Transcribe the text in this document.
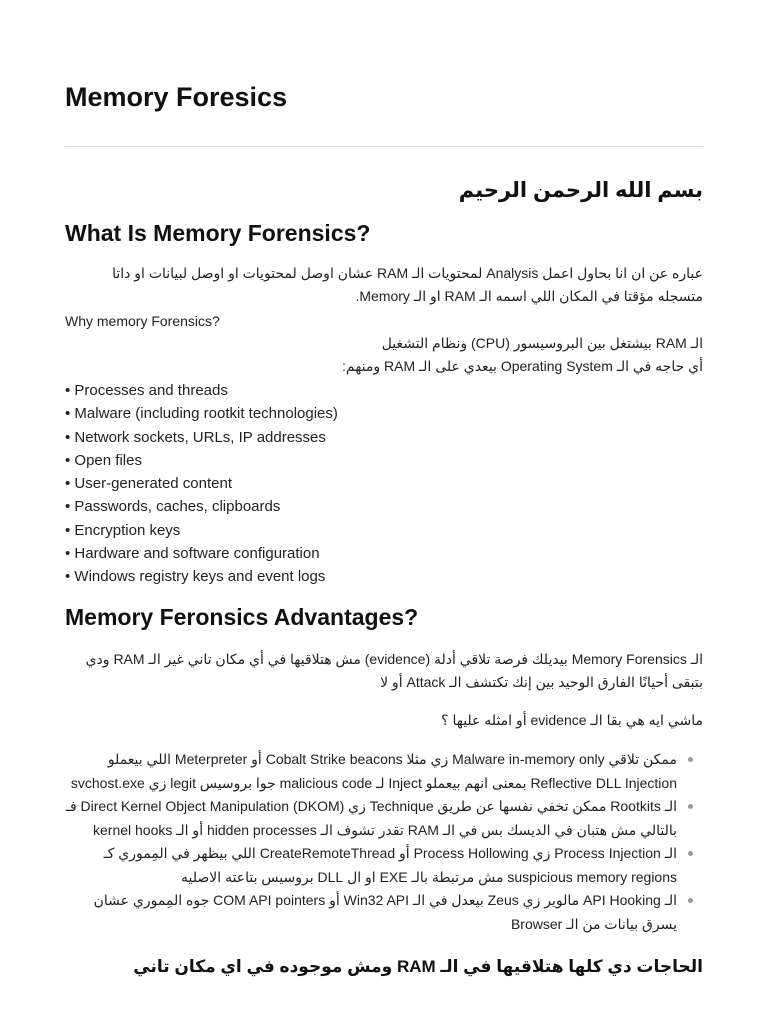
Memory Foresics

بسم الله الرحمن الرحيم

What Is Memory Forensics?

عباره عن ان انا بحاول اعمل Analysis لمحتويات الـ RAM عشان اوصل لمحتويات او اوصل لبيانات او داتا متسجله مؤقتا في المكان اللي اسمه الـ RAM او الـ Memory.

Why memory Forensics?

الـ RAM بيشتغل بين البروسيسور (CPU) ونظام التشغيل

أي حاجه في الـ Operating System بيعدي على الـ RAM ومنهم:

• Processes and threads
• Malware (including rootkit technologies)
• Network sockets, URLs, IP addresses
• Open files
• User-generated content
• Passwords, caches, clipboards
• Encryption keys
• Hardware and software configuration
• Windows registry keys and event logs
Memory Feronsics Advantages?

الـ Memory Forensics بيديلك فرصة تلاقي أدلة (evidence) مش هتلاقيها في أي مكان تاني غير الـ RAM ودي بتبقى أحيانًا الفارق الوحيد بين إنك تكتشف الـ Attack أو لا

ماشي ايه هي بقا الـ evidence أو امثله عليها ؟

ممكن تلاقي Malware in-memory only زي مثلا Cobalt Strike beacons أو Meterpreter اللي بيعملو Reflective DLL Injection بمعنى انهم بيعملو Inject لـ malicious code جوا بروسيس legit زي svchost.exe
الـ Rootkits ممكن تخفي نفسها عن طريق Technique زي Direct Kernel Object Manipulation (DKOM) فـ بالتالي مش هتبان في الديسك بس في الـ RAM تقدر تشوف الـ hidden processes أو الـ kernel hooks
الـ Process Injection زي Process Hollowing أو CreateRemoteThread اللي بيظهر في المِموري كـ suspicious memory regions مش مرتبطة بالـ EXE او ال DLL بروسيس بتاعته الاصليه
الـ API Hooking مالوير زي Zeus بيعدل في الـ Win32 API أو COM API pointers جوه المِموري عشان يسرق بيانات من الـ Browser

الحاجات دي كلها هتلاقيها في الـ RAM ومش موجوده في اي مكان تاني
